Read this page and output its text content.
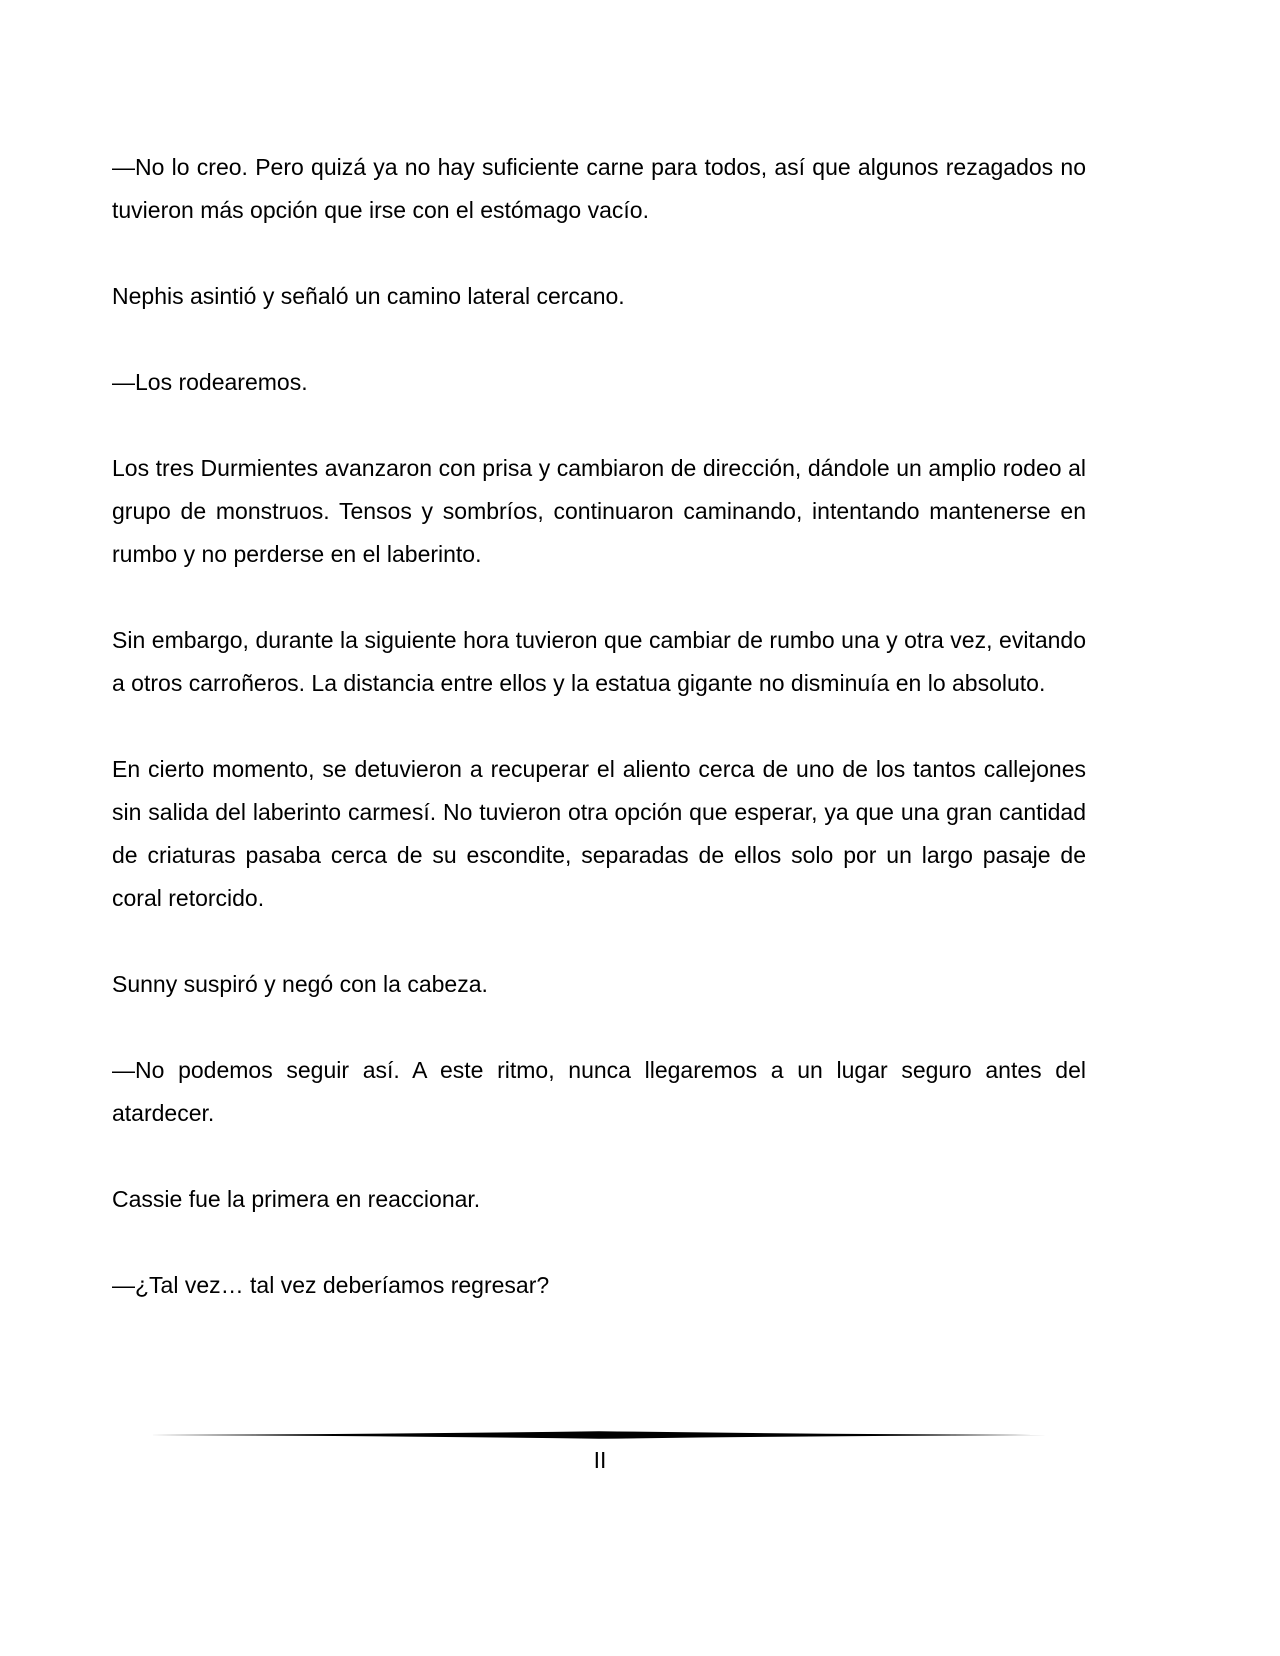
—No lo creo. Pero quizá ya no hay suficiente carne para todos, así que algunos rezagados no tuvieron más opción que irse con el estómago vacío.

Nephis asintió y señaló un camino lateral cercano.

—Los rodearemos.

Los tres Durmientes avanzaron con prisa y cambiaron de dirección, dándole un amplio rodeo al grupo de monstruos. Tensos y sombríos, continuaron caminando, intentando mantenerse en rumbo y no perderse en el laberinto.

Sin embargo, durante la siguiente hora tuvieron que cambiar de rumbo una y otra vez, evitando a otros carroñeros. La distancia entre ellos y la estatua gigante no disminuía en lo absoluto.

En cierto momento, se detuvieron a recuperar el aliento cerca de uno de los tantos callejones sin salida del laberinto carmesí. No tuvieron otra opción que esperar, ya que una gran cantidad de criaturas pasaba cerca de su escondite, separadas de ellos solo por un largo pasaje de coral retorcido.

Sunny suspiró y negó con la cabeza.

—No podemos seguir así. A este ritmo, nunca llegaremos a un lugar seguro antes del atardecer.

Cassie fue la primera en reaccionar.

—¿Tal vez… tal vez deberíamos regresar?

II
